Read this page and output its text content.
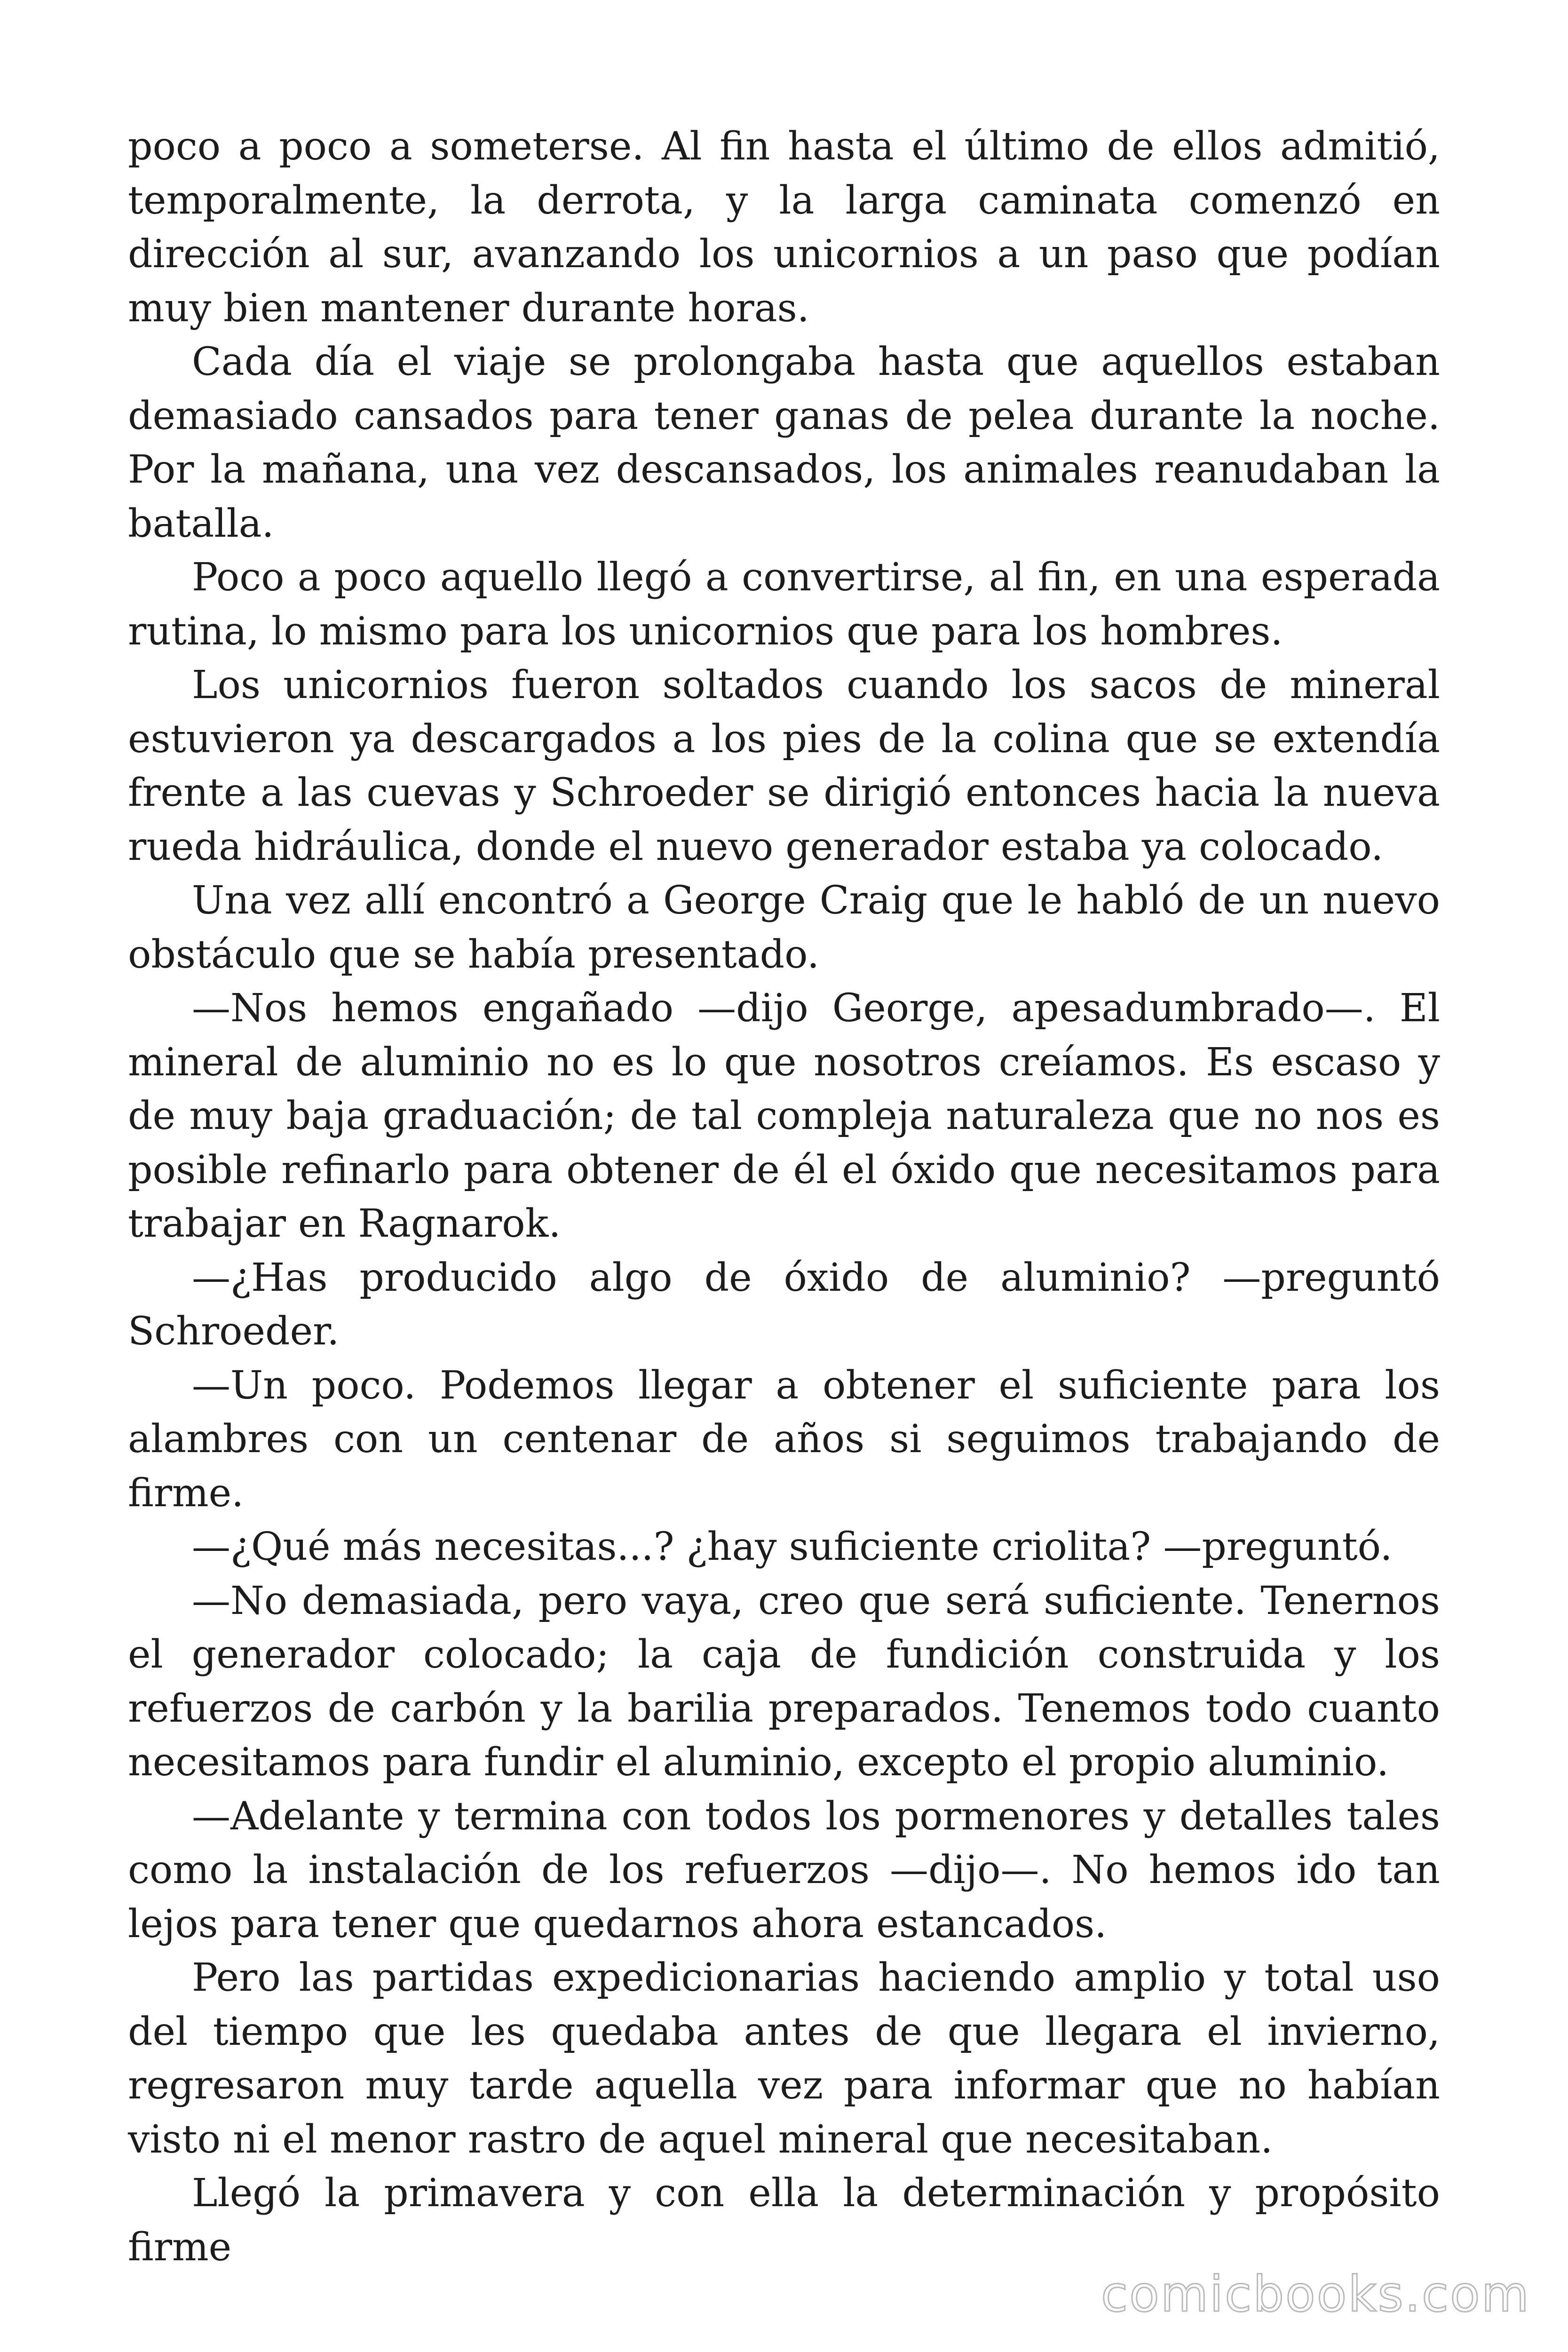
poco a poco a someterse. Al fin hasta el último de ellos admitió, temporalmente, la derrota, y la larga caminata comenzó en dirección al sur, avanzando los unicornios a un paso que podían muy bien mantener durante horas.

Cada día el viaje se prolongaba hasta que aquellos estaban demasiado cansados para tener ganas de pelea durante la noche. Por la mañana, una vez descansados, los animales reanudaban la batalla.

Poco a poco aquello llegó a convertirse, al fin, en una esperada rutina, lo mismo para los unicornios que para los hombres.

Los unicornios fueron soltados cuando los sacos de mineral estuvieron ya descargados a los pies de la colina que se extendía frente a las cuevas y Schroeder se dirigió entonces hacia la nueva rueda hidráulica, donde el nuevo generador estaba ya colocado.

Una vez allí encontró a George Craig que le habló de un nuevo obstáculo que se había presentado.

—Nos hemos engañado —dijo George, apesadumbrado—. El mineral de aluminio no es lo que nosotros creíamos. Es escaso y de muy baja graduación; de tal compleja naturaleza que no nos es posible refinarlo para obtener de él el óxido que necesitamos para trabajar en Ragnarok.

—¿Has producido algo de óxido de aluminio? —preguntó Schroeder.

—Un poco. Podemos llegar a obtener el suficiente para los alambres con un centenar de años si seguimos trabajando de firme.

—¿Qué más necesitas...? ¿hay suficiente criolita? —preguntó.

—No demasiada, pero vaya, creo que será suficiente. Tenernos el generador colocado; la caja de fundición construida y los refuerzos de carbón y la barilia preparados. Tenemos todo cuanto necesitamos para fundir el aluminio, excepto el propio aluminio.

—Adelante y termina con todos los pormenores y detalles tales como la instalación de los refuerzos —dijo—. No hemos ido tan lejos para tener que quedarnos ahora estancados.

Pero las partidas expedicionarias haciendo amplio y total uso del tiempo que les quedaba antes de que llegara el invierno, regresaron muy tarde aquella vez para informar que no habían visto ni el menor rastro de aquel mineral que necesitaban.

Llegó la primavera y con ella la determinación y propósito firme

comicbooks.com
